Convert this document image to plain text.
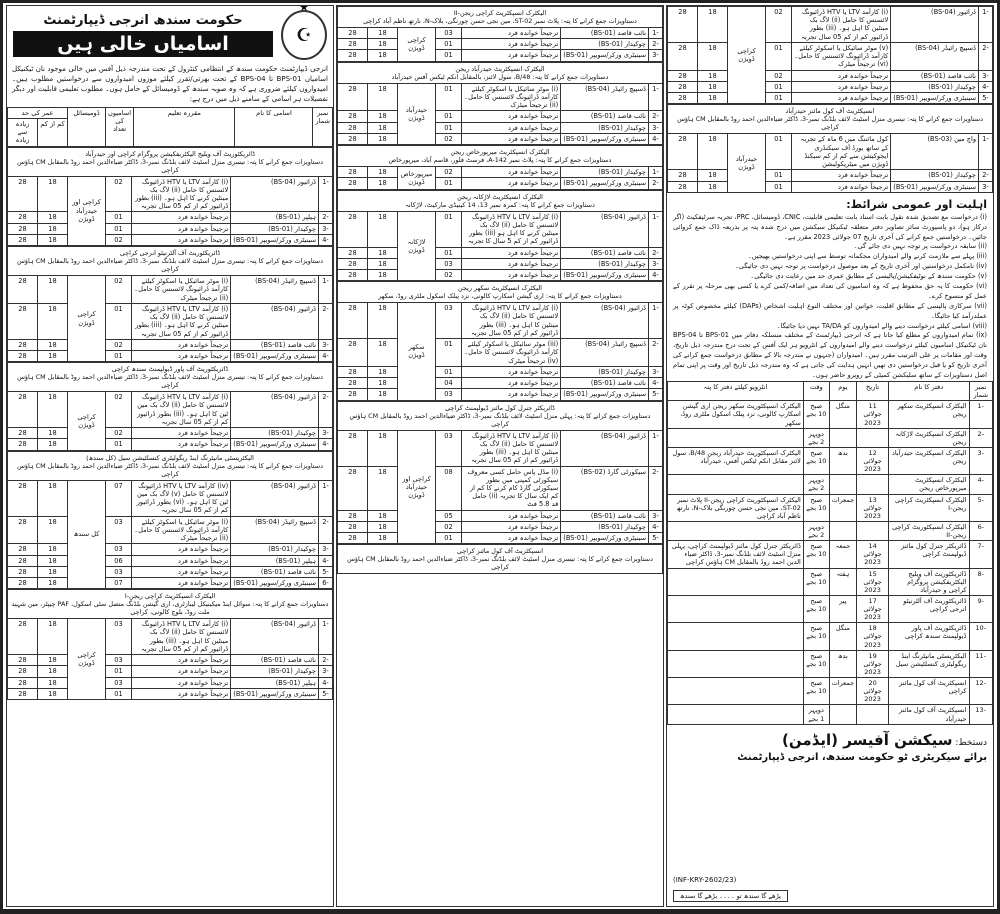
★ ☪
حکومت سندھ انرجی ڈیپارٹمنٹ
اسامیاں خالی ہیں
انرجی ڈیپارٹمنٹ حکومت سندھ کے انتظامی کنٹرول کے تحت مندرجہ ذیل آفس میں خالی موجود نان ٹیکنیکل اسامیاں BPS-01 تا BPS-04 کے تحت بھرتی/تقرر کیلئے موزوں امیدواروں سے درخواستیں مطلوب ہیں۔ امیدواروں کیلئے ضروری ہے کہ وہ صوبہ سندھ کے ڈومیسائل کے حامل ہوں۔ مطلوب تعلیمی قابلیت اور دیگر تفصیلات ہر اسامی کے سامنے ذیل میں درج ہے:
نمبر شمار	اسامی کا نام	مقررہ تعلیم	اسامیوں کی تعداد	ڈومیسائل	عمر کی حد	
					کم از کم	زیادہ سے زیادہ
ڈائریکٹوریٹ آف ویلیج الیکٹریفکیشن پروگرام کراچی اور حیدرآباد
دستاویزات جمع کرانے کا پتہ: تیسری منزل اسٹیٹ لائف بلڈنگ نمبر-3، ڈاکٹر ضیاءالدین احمد روڈ بالمقابل CM ہاؤس کراچی						

-1	ڈرائیور (BS-04)	(i) کارآمد LTV یا HTV ڈرائیونگ لائسنس کا حامل (ii) لاگ بک مینٹین کرنے کا اہل ہو۔ (iii) بطور ڈرائیور کم از کم 05 سال تجربہ	02	کراچی اور حیدرآباد ڈویژن	18	28
-2	ہیلپر (BS-01)	ترجیحاً خواندہ فرد	01		18	28
-3	چوکیدار (BS-01)	ترجیحاً خواندہ فرد	01		18	28
-4	سینیٹری ورکر/سویپر (BS-01)	ترجیحاً خواندہ فرد	02		18	28
ڈائریکٹوریٹ آف آلٹرنیٹو انرجی کراچی
دستاویزات جمع کرانے کا پتہ: تیسری منزل اسٹیٹ لائف بلڈنگ نمبر-3، ڈاکٹر ضیاءالدین احمد روڈ بالمقابل CM ہاؤس کراچی						

-1	ڈسپیچ رائیڈر (BS-04)	(i) موٹر سائیکل یا اسکوٹر کیلئے کارآمد ڈرائیونگ لائسنس کا حامل۔ (ii) ترجیحاً میٹرک	02	کراچی ڈویژن	18	28
-2	ڈرائیور (BS-04)	(i) کارآمد LTV یا HTV ڈرائیونگ لائسنس کا حامل (ii) لاگ بک مینٹین کرنے کا اہل ہو۔ (iii) بطور ڈرائیور کم از کم 05 سال تجربہ	01		18	28
-3	نائب قاصد (BS-01)	ترجیحاً خواندہ فرد	02		18	28
-4	سینیٹری ورکر/سویپر (BS-01)	ترجیحاً خواندہ فرد	01		18	28
ڈائریکٹوریٹ آف پاور ڈیولپمنٹ سندھ کراچی
دستاویزات جمع کرانے کا پتہ: تیسری منزل اسٹیٹ لائف بلڈنگ نمبر-3، ڈاکٹر ضیاءالدین احمد روڈ بالمقابل CM ہاؤس کراچی						

-2	ڈرائیور (BS-04)	(i) کارآمد LTV یا HTV ڈرائیونگ لائسنس کا حامل (ii) لاگ بک مین ٹین کا اہل ہو۔ (iii) بطور ڈرائیور کم از کم 05 سال تجربہ	02	کراچی ڈویژن	18	28
-3	چوکیدار (BS-01)	ترجیحاً خواندہ فرد	02		18	28
-4	سینیٹری ورکر/سویپر (BS-01)	ترجیحاً خواندہ فرد	01		18	28
الیکٹریسٹی مانیٹرنگ اینڈ ریگولیٹری کنسلٹیشن سیل (کل سندھ)
دستاویزات جمع کرانے کا پتہ: تیسری منزل اسٹیٹ لائف بلڈنگ نمبر-3، ڈاکٹر ضیاءالدین احمد روڈ بالمقابل CM ہاؤس کراچی						

-1	ڈرائیور (BS-04)	(iv) کارآمد LTV یا HTV ڈرائیونگ لائسنس کا حامل (v) لاگ بک مین ٹین کا اہل ہو۔ (vi) بطور ڈرائیور کم از کم 05 سال تجربہ	07	کل سندھ	18	28
-2	ڈسپیچ رائیڈر (BS-04)	(i) موٹر سائیکل یا اسکوٹر کیلئے کارآمد ڈرائیونگ لائسنس کا حامل۔ (ii) ترجیحاً میٹرک	03		18	28
-3	چوکیدار (BS-01)	ترجیحاً خواندہ فرد	03		18	28
-4	ہیلپر (BS-01)	ترجیحاً خواندہ فرد	06		18	28
-5	نائب قاصد (BS-01)	ترجیحاً خواندہ فرد	03		18	28
-6	سینیٹری ورکر/سویپر (BS-01)	ترجیحاً خواندہ فرد	07		18	28
الیکٹرک انسپکٹریٹ کراچی ریجن-I
دستاویزات جمع کرانے کا پتہ: سوائل اینڈ میکینیکل لیبارٹری، اری گیشن بلڈنگ متصل سٹی اسکول، PAF چیپٹر، مین شہید ملت روڈ، بلوچ کالونی، کراچی						

-1	ڈرائیور (BS-04)	(i) کارآمد LTV یا HTV ڈرائیونگ لائسنس کا حامل (ii) لاگ بک مینٹین کا اہل ہو۔ (iii) بطور ڈرائیور کم از کم 05 سال تجربہ	03	کراچی ڈویژن	18	28
-2	نائب قاصد (BS-01)	ترجیحاً خواندہ فرد	03		18	28
-3	چوکیدار (BS-01)	ترجیحاً خواندہ فرد	01		18	28
-4	ہیلپر (BS-01)	ترجیحاً خواندہ فرد	03		18	28
-5	سینیٹری ورکر/سویپر (BS-01)	ترجیحاً خواندہ فرد	01		18	28
الیکٹرک انسپکٹریٹ کراچی ریجن-II
دستاویزات جمع کرانے کا پتہ: پلاٹ نمبر ST-02، مین نجی حسن چورنگی، بلاک-N، نارتھ ناظم آباد کراچی						

-1	نائب قاصد (BS-01)	ترجیحاً خواندہ فرد	03	کراچی ڈویژن	18	28
-2	چوکیدار (BS-01)	ترجیحاً خواندہ فرد	01		18	28
-3	سینیٹری ورکر/سویپر (BS-01)	ترجیحاً خواندہ فرد	01		18	28
الیکٹرک انسپکٹریٹ حیدرآباد ریجن
دستاویزات جمع کرانے کا پتہ: 48/B، سول لائنز، بالمقابل انکم ٹیکس آفس حیدرآباد						

-1	ڈسپیچ رائیڈر (BS-04)	(i) موٹر سائیکل یا اسکوٹر کیلئے کارآمد ڈرائیونگ لائسنس کا حامل۔ (ii) ترجیحاً میٹرک	01	حیدرآباد ڈویژن	18	28
-2	نائب قاصد (BS-01)	ترجیحاً خواندہ فرد	01		18	28
-3	چوکیدار (BS-01)	ترجیحاً خواندہ فرد	01		18	28
-4	سینیٹری ورکر/سویپر (BS-01)	ترجیحاً خواندہ فرد	02		18	28
الیکٹرک انسپکٹریٹ میرپورخاص ریجن
دستاویزات جمع کرانے کا پتہ: پلاٹ نمبر A-142، فرسٹ فلور، قاسم آباد، میرپورخاص						

-1	چوکیدار (BS-01)	ترجیحاً خواندہ فرد	02	میرپورخاص ڈویژن	18	28
-2	سینیٹری ورکر/سویپر (BS-01)	ترجیحاً خواندہ فرد	01		18	28
الیکٹرک انسپکٹریٹ لاڑکانہ ریجن
دستاویزات جمع کرانے کا پتہ: کمرہ نمبر 13، 14 کینیڈی مارکیٹ، لاڑکانہ						

-1	ڈرائیور (BS-04)	(i) کارآمد LTV یا HTV ڈرائیونگ لائسنس کا حامل (ii) لاگ بک مینٹین کرنے کا اہل ہو (iii) بطور ڈرائیور کم از کم 5 سال کا تجربہ	01	لاڑکانہ ڈویژن	18	28
-2	نائب قاصد (BS-01)	ترجیحاً خواندہ فرد	01		18	28
-3	چوکیدار (BS-01)	ترجیحاً خواندہ فرد	03		18	28
-4	سینیٹری ورکر/سویپر (BS-01)	ترجیحاً خواندہ فرد	02		18	28
الیکٹرک انسپکٹریٹ سکھر ریجن
دستاویزات جمع کرانے کا پتہ: اری گیشن اسکارپ کالونی، نزد پبلک اسکول ملٹری روڈ، سکھر						

-1	ڈرائیور (BS-04)	(i) کارآمد LTV یا HTV ڈرائیونگ لائسنس کا حامل (ii) لاگ بک مینٹین کا اہل ہو۔ (iii) بطور ڈرائیور کم از کم 05 سال تجربہ	03	سکھر ڈویژن	18	28
-2	ڈسپیچ رائیڈر (BS-04)	(iii) موٹر سائیکل یا اسکوٹر کیلئے کارآمد ڈرائیونگ لائسنس کا حامل۔ (iv) ترجیحاً میٹرک	01		18	28
-3	چوکیدار (BS-01)	ترجیحاً خواندہ فرد	01		18	28
-4	نائب قاصد (BS-01)	ترجیحاً خواندہ فرد	04		18	28
-5	سینیٹری ورکر/سویپر (BS-01)	ترجیحاً خواندہ فرد	03		18	28
ڈائریکٹر جنرل کول مائنز ڈیولپمنٹ کراچی
دستاویزات جمع کرانے کا پتہ: پہلی منزل اسٹیٹ لائف بلڈنگ نمبر-3، ڈاکٹر ضیاءالدین احمد روڈ بالمقابل CM ہاؤس کراچی						

-1	ڈرائیور (BS-04)	(i) کارآمد LTV یا HTV ڈرائیونگ لائسنس کا حامل (ii) لاگ بک مینٹین کا اہل ہو۔ (iii) بطور ڈرائیور کم از کم 05 سال تجربہ	03	کراچی اور حیدرآباد ڈویژن	18	28
-2	سیکورٹی گارڈ (BS-02)	(i) مڈل پاس حامل کسی معروف سیکورٹی کمپنی میں بطور سیکورٹی گارڈ کام کرنے کا کم از کم ایک سال کا تجربہ (ii) حامل قد 5.8 فٹ	08		18	28
-3	نائب قاصد (BS-01)	ترجیحاً خواندہ فرد	05		18	28
-4	چوکیدار (BS-01)	ترجیحاً خواندہ فرد	02		18	28
-5	سینیٹری ورکر/سویپر (BS-01)	ترجیحاً خواندہ فرد	01		18	28
انسپکٹریٹ آف کول مائنز کراچی
دستاویزات جمع کرانے کا پتہ: تیسری منزل اسٹیٹ لائف بلڈنگ نمبر-3، ڈاکٹر ضیاءالدین احمد روڈ بالمقابل CM ہاؤس کراچی
-1	ڈرائیور (BS-04)	(i) کارآمد LTV یا HTV ڈرائیونگ لائسنس کا حامل (ii) لاگ بک مینٹین کا اہل ہو۔ (iii) بطور ڈرائیور کم از کم 05 سال تجربہ	02	کراچی ڈویژن	18	28
-2	ڈسپیچ رائیڈر (BS-04)	(v) موٹر سائیکل یا اسکوٹر کیلئے کارآمد ڈرائیونگ لائسنس کا حامل۔ (vi) ترجیحاً میٹرک	01		18	28
-3	نائب قاصد (BS-01)	ترجیحاً خواندہ فرد	02		18	28
-4	چوکیدار (BS-01)	ترجیحاً خواندہ فرد	01		18	28
-5	سینیٹری ورکر/سویپر (BS-01)	ترجیحاً خواندہ فرد	01		18	28
انسپکٹریٹ آف کول مائنز حیدرآباد
دستاویزات جمع کرانے کا پتہ: تیسری منزل اسٹیٹ لائف بلڈنگ نمبر-3، ڈاکٹر ضیاءالدین احمد روڈ بالمقابل CM ہاؤس کراچی						

-1	واچ مین (BS-03)	کول مائننگ میں 6 ماہ کے تجربہ کے ساتھ بورڈ آف سیکنڈری ایجوکیشن سے کم از کم سیکنڈ ڈویژن میں میٹریکولیشن	01	حیدرآباد ڈویژن	18	28
-2	چوکیدار (BS-01)	ترجیحاً خواندہ فرد	01		18	28
-3	سینیٹری ورکر/سویپر (BS-01)	ترجیحاً خواندہ فرد	01		18	28
اہلیت اور عمومی شرائط:
(i) درخواست مع تصدیق شدہ نقول بابت اسناد بابت تعلیمی قابلیت، CNIC، ڈومیسائل، PRC، تجربہ سرٹیفکیٹ (اگر درکار ہو)، دو پاسپورٹ سائز تصاویر دفتر متعلقہ ٹیکنیکل سیکشن میں درج شدہ پتہ پر بذریعہ ڈاک جمع کروائی جائیں۔ درخواستیں جمع کرانے کی آخری تاریخ 07 جولائی 2023 مقرر ہے۔
(ii) سابقہ درخواست پر توجہ نہیں دی جائے گی۔
(iii) پہلے سے ملازمت کرنے والے امیدواران محکمانہ توسط سے اپنی درخواستیں بھیجیں۔
(iv) نامکمل درخواستیں اور آخری تاریخ کے بعد موصول درخواست پر توجہ نہیں دی جائیگی۔
(v) حکومت سندھ کے نوٹیفکیشن/پالیسی کے مطابق عمری حد میں رعایت دی جائیگی۔
(vi) حکومت کا یہ حق محفوظ ہے کہ وہ اسامیوں کی تعداد میں اضافہ/کمی کرے یا کسی بھی مرحلہ پر تقرر کے عمل کو منسوخ کرے۔
(vii) سرکاری پالیسی کے مطابق اقلیت، خواتین اور مختلف النوع اہلیت اشخاص (DAPs) کیلئے مخصوص کوٹہ پر عملدرآمد کیا جائیگا۔
(viii) اسامی کیلئے درخواست دینے والے امیدواروں کو TA/DA نہیں دیا جائیگا۔
(ix) تمام امیدواروں کو مطلع کیا جاتا ہے کہ انرجی ڈیپارٹمنٹ کے مختلف منسلکہ دفاتر میں BPS-01 تا BPS-04 نان ٹیکنیکل اسامیوں کیلئے درخواست دینے والے امیدواروں کے انٹرویو ہر ایک آفس کے تحت درج مندرجہ ذیل تاریخ، وقت اور مقامات پر علی الترتیب مقرر ہیں۔ امیدواران (جنہوں نے مندرجہ بالا کے مطابق درخواست جمع کرانے کی آخری تاریخ کو یا قبل درخواستیں دی تھیں انہیں ہدایت کی جاتی ہے کہ وہ مندرجہ ذیل تاریخ اور وقت پر اپنی تمام اصل دستاویزات کے ساتھ سلیکشن کمیٹی کے روبرو حاضر ہوں۔
نمبر شمار	دفتر کا نام	تاریخ	یوم	وقت	انٹرویو کیلئے دفتر کا پتہ
-1	الیکٹرک انسپکٹریٹ سکھر ریجن	11 جولائی 2023	منگل	صبح 10 بجے	الیکٹرک انسپکٹوریٹ سکھر ریجن اری گیشن اسکارپ کالونی، نزد پبلک اسکول ملٹری روڈ، سکھر
-2	الیکٹرک انسپکٹریٹ لاڑکانہ ریجن			دوپہر 2 بجے	
-3	الیکٹرک انسپکٹریٹ حیدرآباد ریجن	12 جولائی 2023	بدھ	صبح 10 بجے	الیکٹرک انسپکٹوریٹ حیدرآباد ریجن 48/B، سول لائنز مقابل انکم ٹیکس آفس، حیدرآباد
-4	الیکٹرک انسپکٹریٹ میرپورخاص ریجن			دوپہر 2 بجے	
-5	الیکٹرک انسپکٹریٹ کراچی ریجن-I	13 جولائی 2023	جمعرات	صبح 10 بجے	الیکٹرک انسپکٹوریٹ کراچی ریجن-II پلاٹ نمبر ST-02، مین نجی حسن چورنگی بلاک-N، نارتھ ناظم آباد کراچی
-6	الیکٹرک انسپکٹوریٹ کراچی ریجن-II			دوپہر 2 بجے	
-7	ڈائریکٹر جنرل کول مائنز ڈیولپمنٹ کراچی	14 جولائی 2023	جمعہ	صبح 10 بجے	ڈائریکٹر جنرل کول مائنز ڈیولپمنٹ کراچی، پہلی منزل اسٹیٹ لائف بلڈنگ نمبر-3، ڈاکٹر ضیاء الدین احمد روڈ بالمقابل CM ہاؤس کراچی
-8	ڈائریکٹوریٹ آف ویلیج الیکٹریفکیشن پروگرام کراچی و حیدرآباد	15 جولائی 2023	ہفتہ	صبح 10 بجے	
-9	ڈائریکٹوریٹ آف آلٹرنیٹو انرجی کراچی	17 جولائی 2023	پیر	صبح 10 بجے	
-10	ڈائریکٹوریٹ آف پاور ڈیولپمنٹ سندھ کراچی	18 جولائی 2023	منگل	صبح 10 بجے	
-11	الیکٹریسٹی مانیٹرنگ اینڈ ریگولیٹری کنسلٹیشن سیل	19 جولائی 2023	بدھ	صبح 10 بجے	
-12	انسپکٹریٹ آف کول مائنز کراچی	20 جولائی 2023	جمعرات	صبح 10 بجے	
-13	انسپکٹریٹ آف کول مائنز حیدرآباد			دوپہر 1 بجے	
دستخط: سیکشن آفیسر (ایڈمن)
برائے سیکریٹری ٹو حکومت سندھ، انرجی ڈیپارٹمنٹ
(INF-KRY-2602/23)
پڑھے گا سندھ تو ۔۔۔۔ بڑھے گا سندھ
